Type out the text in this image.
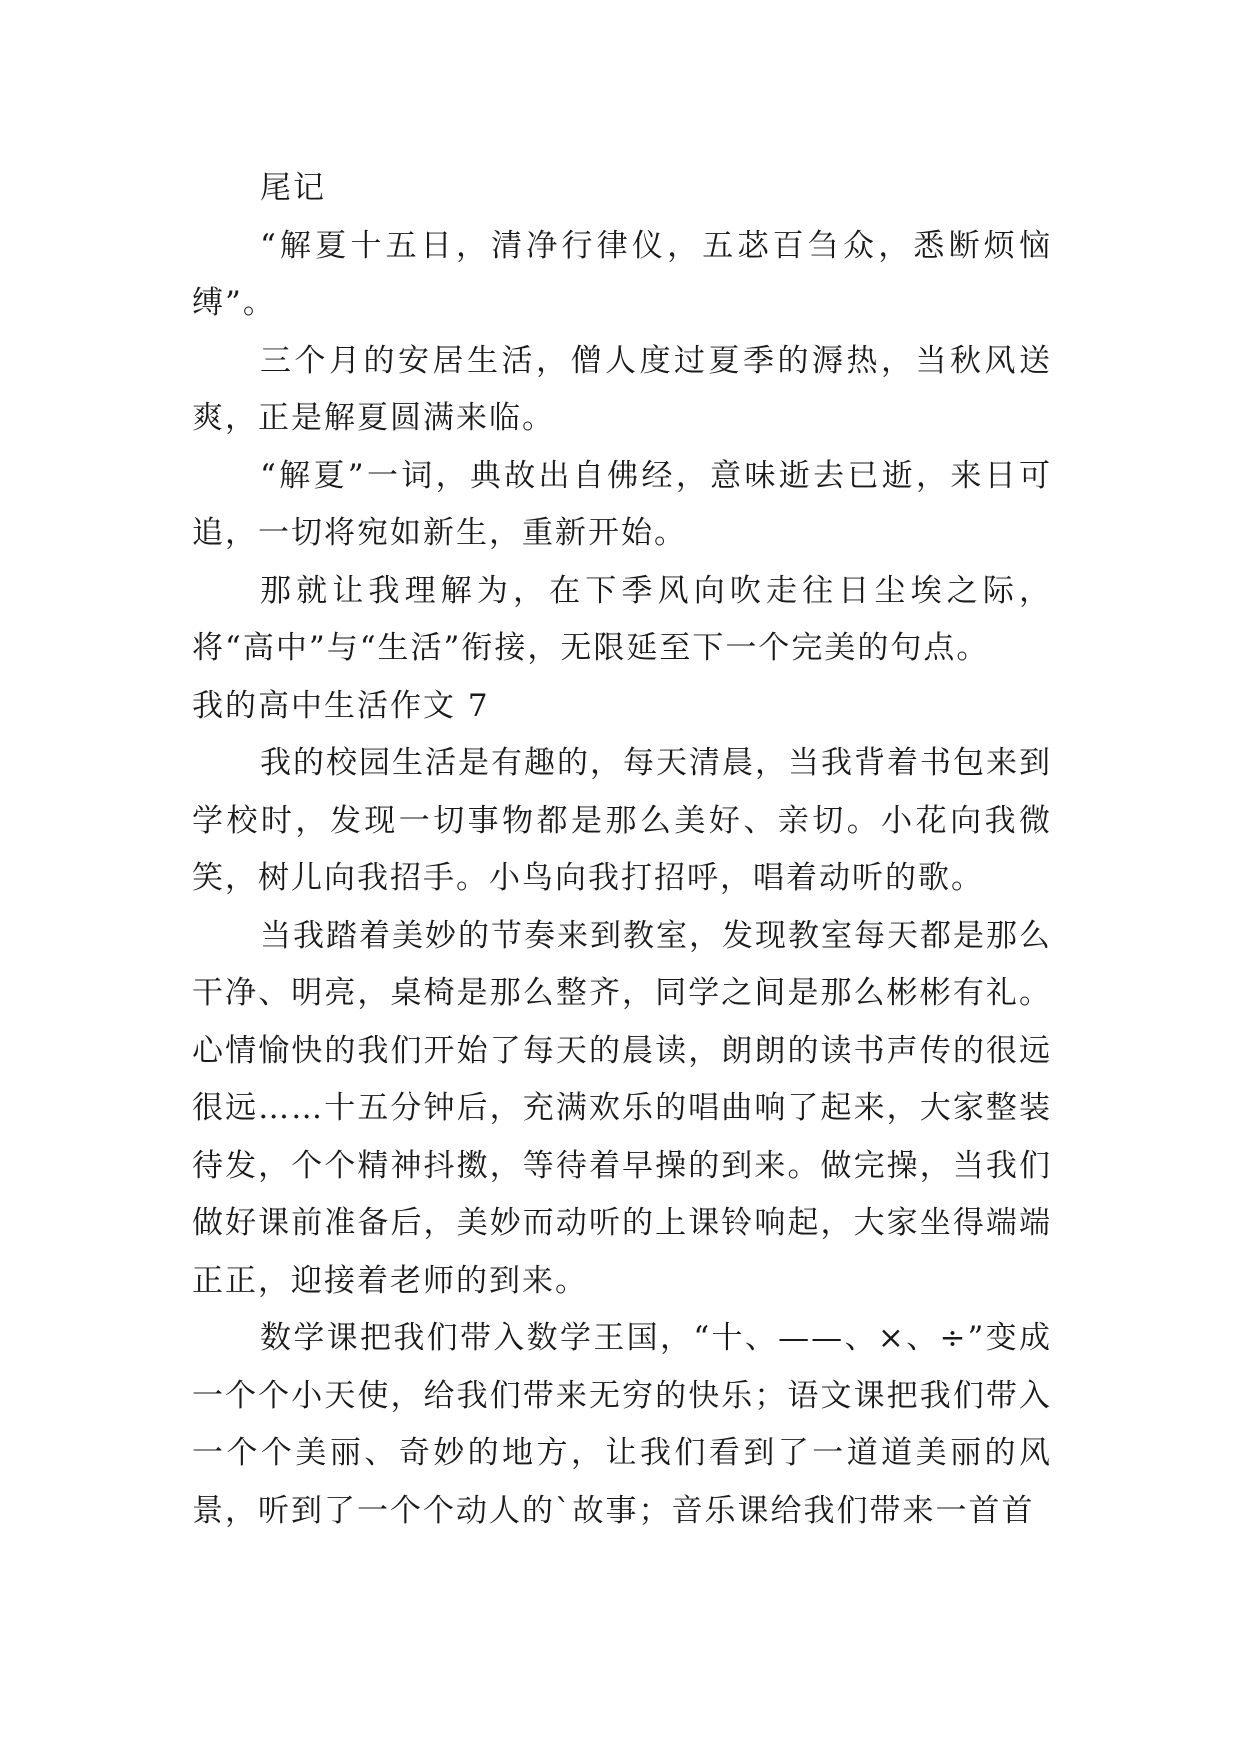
尾记

“解夏十五日，清净行律仪，五苾百刍众，悉断烦恼缚”。

三个月的安居生活，僧人度过夏季的溽热，当秋风送爽，正是解夏圆满来临。

“解夏”一词，典故出自佛经，意味逝去已逝，来日可追，一切将宛如新生，重新开始。

那就让我理解为，在下季风向吹走往日尘埃之际，将“高中”与“生活”衔接，无限延至下一个完美的句点。

我的高中生活作文 7

我的校园生活是有趣的，每天清晨，当我背着书包来到学校时，发现一切事物都是那么美好、亲切。小花向我微笑，树儿向我招手。小鸟向我打招呼，唱着动听的歌。

当我踏着美妙的节奏来到教室，发现教室每天都是那么干净、明亮，桌椅是那么整齐，同学之间是那么彬彬有礼。心情愉快的我们开始了每天的晨读，朗朗的读书声传的很远很远……十五分钟后，充满欢乐的唱曲响了起来，大家整装待发，个个精神抖擞，等待着早操的到来。做完操，当我们做好课前准备后，美妙而动听的上课铃响起，大家坐得端端正正，迎接着老师的到来。

数学课把我们带入数学王国，“十、——、×、÷”变成一个个小天使，给我们带来无穷的快乐；语文课把我们带入一个个美丽、奇妙的地方，让我们看到了一道道美丽的风景，听到了一个个动人的`故事；音乐课给我们带来一首首
